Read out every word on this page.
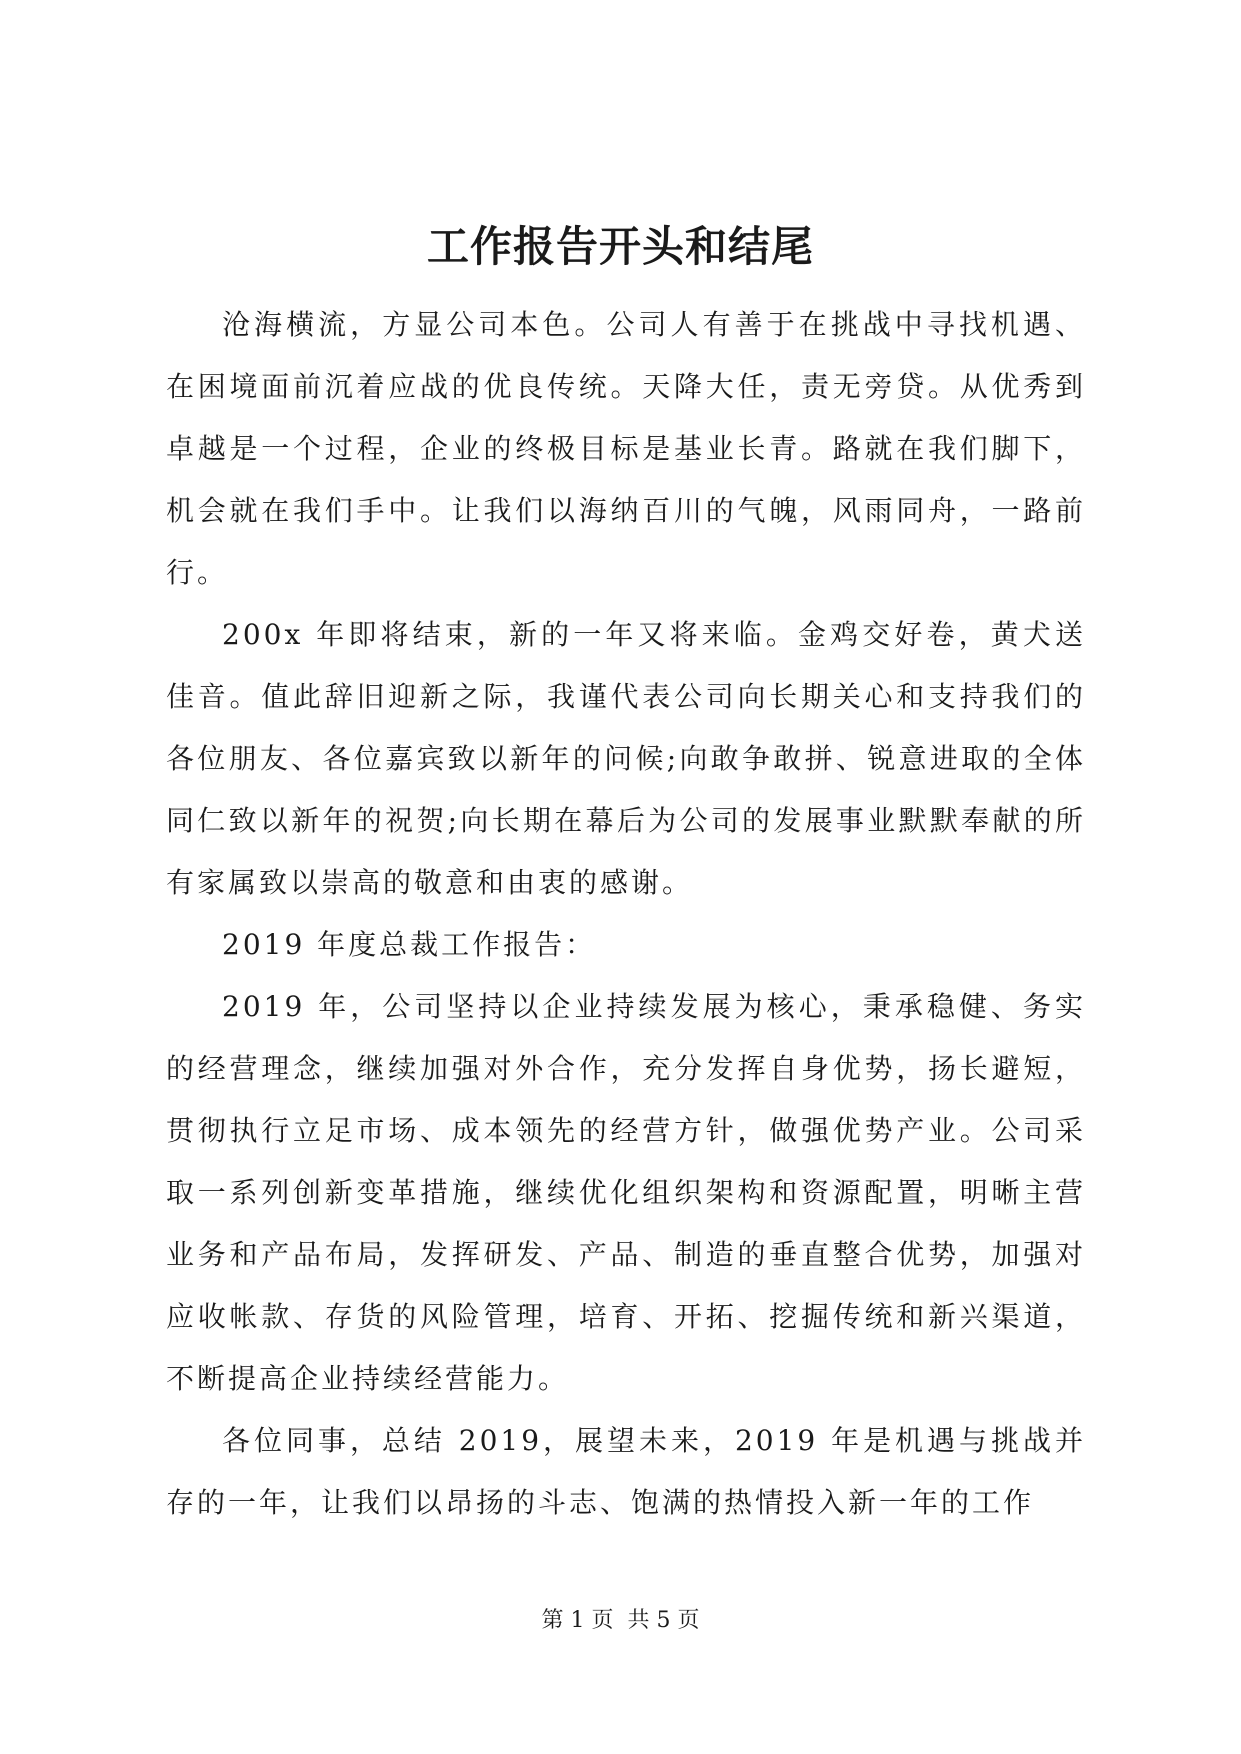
工作报告开头和结尾

沧海横流，方显公司本色。公司人有善于在挑战中寻找机遇、在困境面前沉着应战的优良传统。天降大任，责无旁贷。从优秀到卓越是一个过程，企业的终极目标是基业长青。路就在我们脚下，机会就在我们手中。让我们以海纳百川的气魄，风雨同舟，一路前行。

200x 年即将结束，新的一年又将来临。金鸡交好卷，黄犬送佳音。值此辞旧迎新之际，我谨代表公司向长期关心和支持我们的各位朋友、各位嘉宾致以新年的问候;向敢争敢拼、锐意进取的全体同仁致以新年的祝贺;向长期在幕后为公司的发展事业默默奉献的所有家属致以崇高的敬意和由衷的感谢。

2019 年度总裁工作报告：

2019 年，公司坚持以企业持续发展为核心，秉承稳健、务实的经营理念，继续加强对外合作，充分发挥自身优势，扬长避短，贯彻执行立足市场、成本领先的经营方针，做强优势产业。公司采取一系列创新变革措施，继续优化组织架构和资源配置，明晰主营业务和产品布局，发挥研发、产品、制造的垂直整合优势，加强对应收帐款、存货的风险管理，培育、开拓、挖掘传统和新兴渠道，不断提高企业持续经营能力。

各位同事，总结 2019，展望未来，2019 年是机遇与挑战并存的一年，让我们以昂扬的斗志、饱满的热情投入新一年的工作

第 1 页  共 5 页
